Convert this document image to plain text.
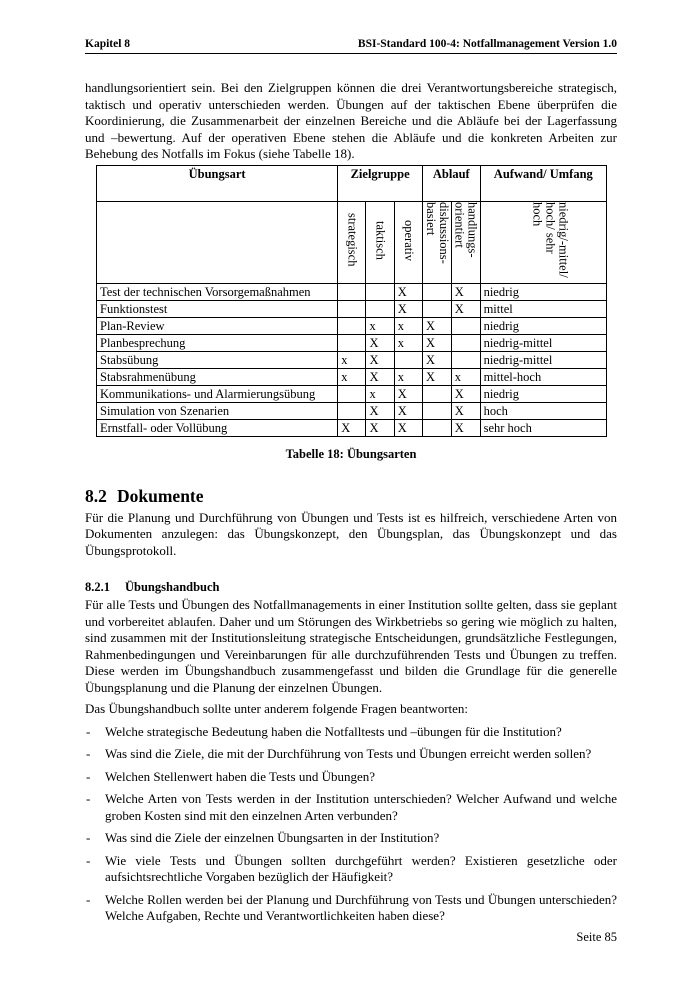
Kapitel 8	BSI-Standard 100-4: Notfallmanagement Version 1.0

handlungsorientiert sein. Bei den Zielgruppen können die drei Verantwortungsbereiche strategisch, taktisch und operativ unterschieden werden. Übungen auf der taktischen Ebene überprüfen die Koordinierung, die Zusammenarbeit der einzelnen Bereiche und die Abläufe bei der Lagerfassung und –bewertung. Auf der operativen Ebene stehen die Abläufe und die konkreten Arbeiten zur Behebung des Notfalls im Fokus (siehe Tabelle 18).

Übungsart	Zielgruppe			Ablauf		Aufwand/ Umfang
	strategisch	taktisch	operativ	diskussions-basiert	handlungs-orientiert	niedrig/-mittel/ hoch/ sehr hoch
Test der technischen Vorsorgemaßnahmen			X		X	niedrig
Funktionstest			X		X	mittel
Plan-Review		x	x	X		niedrig
Planbesprechung		X	x	X		niedrig-mittel
Stabsübung	x	X		X		niedrig-mittel
Stabsrahmenübung	x	X	x	X	x	mittel-hoch
Kommunikations- und Alarmierungsübung		x	X		X	niedrig
Simulation von Szenarien		X	X		X	hoch
Ernstfall- oder Vollübung	X	X	X		X	sehr hoch
Tabelle 18: Übungsarten
8.2 Dokumente

Für die Planung und Durchführung von Übungen und Tests ist es hilfreich, verschiedene Arten von Dokumenten anzulegen: das Übungskonzept, den Übungsplan, das Übungskonzept und das Übungsprotokoll.

8.2.1 Übungshandbuch

Für alle Tests und Übungen des Notfallmanagements in einer Institution sollte gelten, dass sie geplant und vorbereitet ablaufen. Daher und um Störungen des Wirkbetriebs so gering wie möglich zu halten, sind zusammen mit der Institutionsleitung strategische Entscheidungen, grundsätzliche Festlegungen, Rahmenbedingungen und Vereinbarungen für alle durchzuführenden Tests und Übungen zu treffen. Diese werden im Übungshandbuch zusammengefasst und bilden die Grundlage für die generelle Übungsplanung und die Planung der einzelnen Übungen.

Das Übungshandbuch sollte unter anderem folgende Fragen beantworten:

- Welche strategische Bedeutung haben die Notfalltests und –übungen für die Institution?
- Was sind die Ziele, die mit der Durchführung von Tests und Übungen erreicht werden sollen?
- Welchen Stellenwert haben die Tests und Übungen?
- Welche Arten von Tests werden in der Institution unterschieden? Welcher Aufwand und welche groben Kosten sind mit den einzelnen Arten verbunden?
- Was sind die Ziele der einzelnen Übungsarten in der Institution?
- Wie viele Tests und Übungen sollten durchgeführt werden? Existieren gesetzliche oder aufsichtsrechtliche Vorgaben bezüglich der Häufigkeit?
- Welche Rollen werden bei der Planung und Durchführung von Tests und Übungen unterschieden? Welche Aufgaben, Rechte und Verantwortlichkeiten haben diese?
Seite 85
